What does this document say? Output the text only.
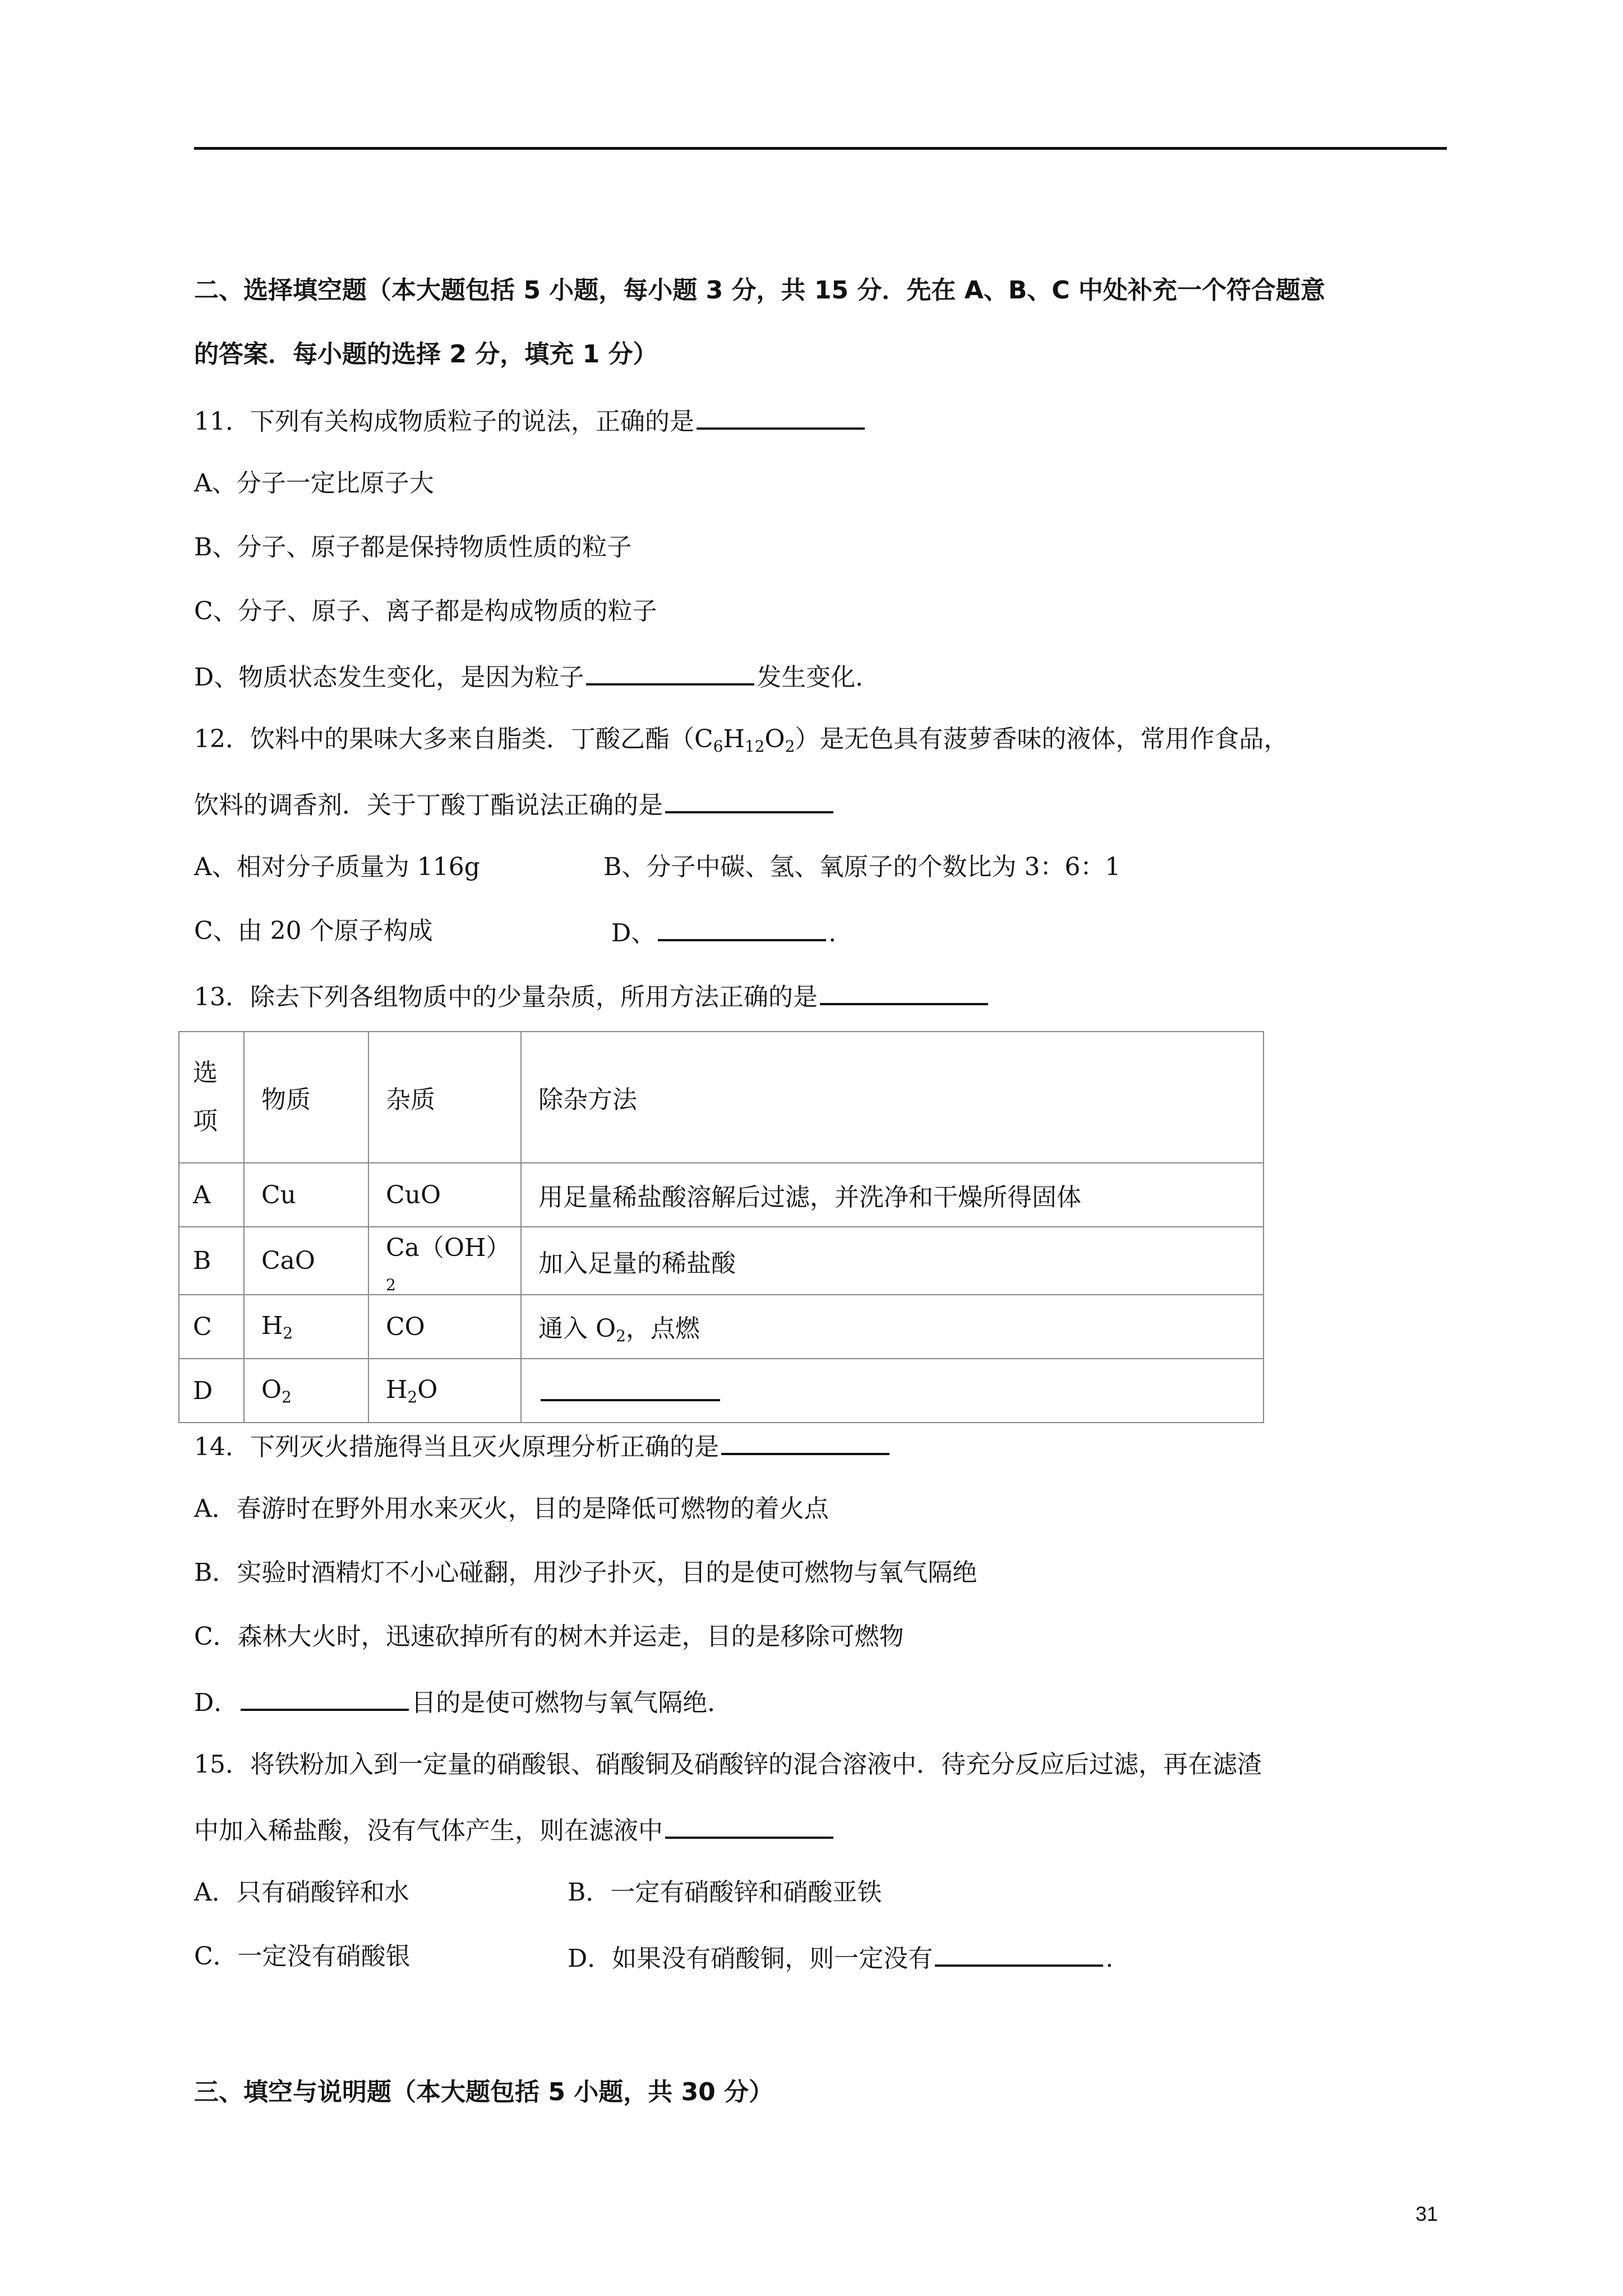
二、选择填空题（本大题包括 5 小题，每小题 3 分，共 15 分．先在 A、B、C 中处补充一个符合题意
的答案．每小题的选择 2 分，填充 1 分）
11．下列有关构成物质粒子的说法，正确的是
A、分子一定比原子大
B、分子、原子都是保持物质性质的粒子
C、分子、原子、离子都是构成物质的粒子
D、物质状态发生变化，是因为粒子	发生变化．
12．饮料中的果味大多来自脂类．丁酸乙酯$(C_6H_{12}O_2)$是无色具有菠萝香味的液体，常用作食品，
饮料的调香剂．关于丁酸丁酯说法正确的是
A、相对分子质量为 116g	B、分子中碳、氢、氧原子的个数比为 3：6：1
C、由 20 个原子构成	D、	.
13．除去下列各组物质中的少量杂质，所用方法正确的是
选
项	物质	杂质	除杂方法
A	Cu	CuO	用足量稀盐酸溶解后过滤，并洗净和干燥所得固体
B	CaO	$Ca(OH)_2$	加入足量的稀盐酸
C	$H_2$	CO	通入 $O_2$，点燃
D	$O_2$	$H_2O$	
14．下列灭火措施得当且灭火原理分析正确的是
A．春游时在野外用水来灭火，目的是降低可燃物的着火点
B．实验时酒精灯不小心碰翻，用沙子扑灭，目的是使可燃物与氧气隔绝
C．森林大火时，迅速砍掉所有的树木并运走，目的是移除可燃物
D．	目的是使可燃物与氧气隔绝．
15．将铁粉加入到一定量的硝酸银、硝酸铜及硝酸锌的混合溶液中．待充分反应后过滤，再在滤渣
中加入稀盐酸，没有气体产生，则在滤液中
A．只有硝酸锌和水	B．一定有硝酸锌和硝酸亚铁
C．一定没有硝酸银	D．如果没有硝酸铜，则一定没有	.
三、填空与说明题（本大题包括 5 小题，共 30 分）
31
